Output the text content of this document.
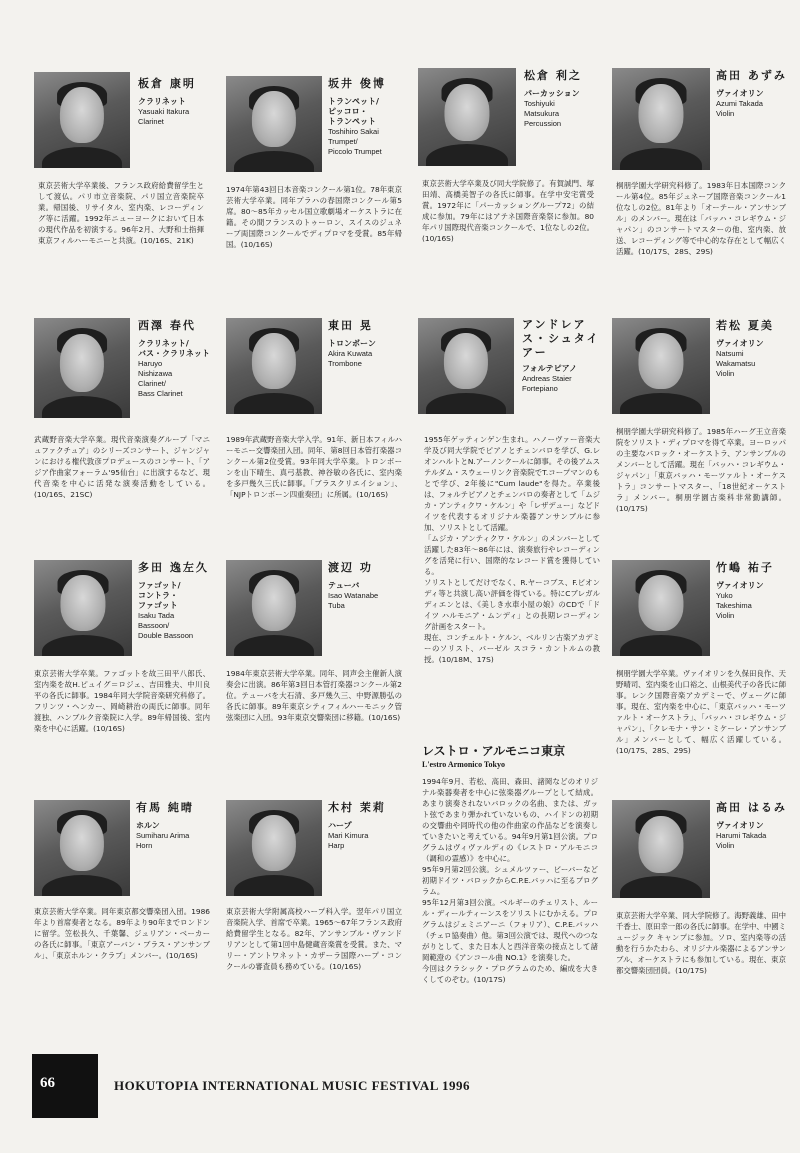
板倉 康明
クラリネット
Yasuaki Itakura
Clarinet
東京芸術大学卒業後、フランス政府給費留学生として渡仏。パリ市立音楽院、パリ国立音楽院卒業。帰国後、リサイタル、室内楽、レコーディング等に活躍。1992年ニューヨークにおいて日本の現代作品を初演する。96年2月、大野和士指揮東京フィルハーモニーと共演。(10/16S、21K)
坂井 俊博
トランペット/
ピッコロ・
トランペット
Toshihiro Sakai
Trumpet/
Piccolo Trumpet
1974年第43回日本音楽コンクール第1位。78年東京芸術大学卒業。同年プラハの春国際コンクール第5席。80〜85年カッセル国立歌劇場オーケストラに在籍。その間フランスのトゥーロン、スイスのジュネーブ両国際コンクールでディプロマを受賞。85年帰国。(10/16S)
松倉 利之
パーカッション
Toshiyuki
Matsukura
Percussion
東京芸術大学卒業及び同大学院修了。有賀誠門、塚田靖、高橋美智子の各氏に師事。在学中安宅賞受賞。1972年に「パーカッショングループ72」の結成に参加。79年にはアテネ国際音楽祭に参加。80年パリ国際現代音楽コンクールで、1位なしの2位。(10/16S)
高田 あずみ
ヴァイオリン
Azumi Takada
Violin
桐朋学園大学研究科修了。1983年日本国際コンクール第4位。85年ジュネーブ国際音楽コンクール1位なしの2位。81年より「オーテール・アンサンブル」のメンバー。現在は「バッハ・コレギウム・ジャパン」のコンサートマスターの他、室内楽、放送、レコーディング等で中心的な存在として幅広く活躍。(10/17S、28S、29S)
西澤 春代
クラリネット/
バス・クラリネット
Haruyo
Nishizawa
Clarinet/
Bass Clarinet
武蔵野音楽大学卒業。現代音楽演奏グループ「マニュファクチュア」のシリーズコンサート、ジャンジャンにおける権代敦彦プロデュースのコンサート、「アジア作曲家フォーラム'95仙台」に出演するなど、現代音楽を中心に活発な演奏活動をしている。(10/16S、21SC)
東田 晃
トロンボーン
Akira Kuwata
Trombone
1989年武蔵野音楽大学入学。91年、新日本フィルハーモニー交響楽団入団。同年、第8回日本管打楽器コンクール第2位受賞。93年同大学卒業。トロンボーンを山下晴生、真弓基教、神谷敏の各氏に、室内楽を多戸幾久三氏に師事。「ブラスクリエイション」、「NJPトロンボーン四重奏団」に所属。(10/16S)
アンドレアス・シュタイアー
フォルテピアノ
Andreas Staier
Fortepiano
1955年ゲッティンゲン生まれ。ハノーヴァー音楽大学及び同大学院でピアノとチェンバロを学び、G.レオンハルトとN.アーノンクールに師事。その後アムステルダム・スウェーリンク音楽院でT.コープマンのもとで学び、2年後に"Cum laude"を得た。卒業後は、フォルテピアノとチェンバロの奏者として「ムジカ・アンティクワ・ケルン」や「レザデュー」などドイツを代表するオリジナル楽器アンサンブルに参加、ソリストとして活躍。
「ムジカ・アンティクワ・ケルン」のメンバーとして活躍した83年〜86年には、演奏旅行やレコーディングを活発に行い、国際的なレコード賞を獲得している。
ソリストとしてだけでなく、R.ヤーコブス、F.ビオンディ等と共演し高い評価を得ている。特にCブレガルディエンとは、《美しき水車小屋の娘》のCDで「ドイツ ハルモニア・ムンディ」との長期レコーディング計画をスタート。
現在、コンチェルト・ケルン、ベルリン古楽アカデミーのソリスト、バーゼル スコラ・カントルムの教授。(10/18M、17S)
若松 夏美
ヴァイオリン
Natsumi
Wakamatsu
Violin
桐朋学園大学研究科修了。1985年ハーグ王立音楽院をソリスト・ディプロマを得て卒業。ヨーロッパの主要なバロック・オーケストラ、アンサンブルのメンバーとして活躍。現在「バッハ・コレギウム・ジャパン」「東京バッハ・モーツァルト・オーケストラ」コンサートマスター、「18世紀オーケストラ」メンバー。桐朋学園古楽科非常勤講師。(10/17S)
多田 逸左久
ファゴット/
コントラ・
ファゴット
Isaku Tada
Bassoon/
Double Bassoon
東京芸術大学卒業。ファゴットを故三田平八郎氏、室内楽を故H.ピュイグ＝ロジェ、吉田雅夫、中川良平の各氏に師事。1984年同大学院音楽研究科修了。フリンツ・ヘンカー、岡崎耕治の両氏に師事。同年渡独、ハンブルク音楽院に入学。89年帰国後、室内楽を中心に活躍。(10/16S)
渡辺 功
テューバ
Isao Watanabe
Tuba
1984年東京芸術大学卒業。同年、同声会主催新人演奏会に出演。86年第3回日本管打楽器コンクール第2位。テューバを大石清、多戸幾久三、中野源勝弘の各氏に師事。89年東京シティフィルハーモニック管弦楽団に入団。93年東京交響楽団に移籍。(10/16S)
竹嶋 祐子
ヴァイオリン
Yuko
Takeshima
Violin
桐朋学園大学卒業。ヴァイオリンを久保田良作、天野晴司、室内楽を山口裕之、山根美代子の各氏に師事。レンク国際音楽アカデミーで、ヴェーグに師事。現在、室内楽を中心に、「東京バッハ・モーツァルト・オーケストラ」、「バッハ・コレギウム・ジャパン」、「クレモナ・サン・ミケーレ・アンサンブル」メンバーとして、幅広く活躍している。(10/17S、28S、29S)
有馬 純晴
ホルン
Sumiharu Arima
Horn
東京芸術大学卒業。同年東京都交響楽団入団。1986年より首席奏者となる。89年より90年までロンドンに留学。笠松長久、千葉馨、ジュリアン・ベーカーの各氏に師事。「東京アーバン・ブラス・アンサンブル」、「東京ホルン・クラブ」メンバー。(10/16S)
木村 茉莉
ハープ
Mari Kimura
Harp
東京芸術大学附属高校ハープ科入学。翌年パリ国立音楽院入学、首席で卒業。1965〜67年フランス政府給費留学生となる。82年、アンサンブル・ヴァンドリアンとして第1回中島健蔵音楽賞を受賞。また、マリー・アントワネット・カザーラ国際ハープ・コンクールの審査員も務めている。(10/16S)
高田 はるみ
ヴァイオリン
Harumi Takada
Violin
東京芸術大学卒業、同大学院修了。海野義雄、田中千香士、原田幸一郎の各氏に師事。在学中、中國ミュージック キャンプに参加。ソロ、室内楽等の活動を行うかたわら、オリジナル楽器によるアンサンブル、オーケストラにも参加している。現在、東京都交響楽団団員。(10/17S)
レストロ・アルモニコ東京
L'estro Armonico Tokyo
1994年9月、若松、高田、森田、諸岡などのオリジナル楽器奏者を中心に弦楽器グループとして結成。あまり演奏されないバロックの名曲、または、ガット弦であまり弾かれていないもの、ハイドンの初期の交響曲や同時代の他の作曲家の作品などを演奏していきたいと考えている。94年9月第1回公演。プログラムはヴィヴァルディの《レストロ・アルモニコ（調和の霊感）》を中心に。
95年9月第2回公演。シュメルツァー、ビーバーなど初期ドイツ・バロックからC.P.E.バッハに至るプログラム。
95年12月第3回公演。ベルギーのチェリスト、ルール・ディールティーンスをソリストにむかえる。プログラムはジェミニアーニ（フォリア）、C.P.E.バッハ（チェロ協奏曲）他。第3回公演では、現代へのつながりとして、また日本人と西洋音楽の接点として諸岡範澄の《アンコール曲 NO.1》を演奏した。
今回はクラシック・プログラムのため、編成を大きくしてのぞむ。(10/17S)
66	HOKUTOPIA INTERNATIONAL MUSIC FESTIVAL 1996
